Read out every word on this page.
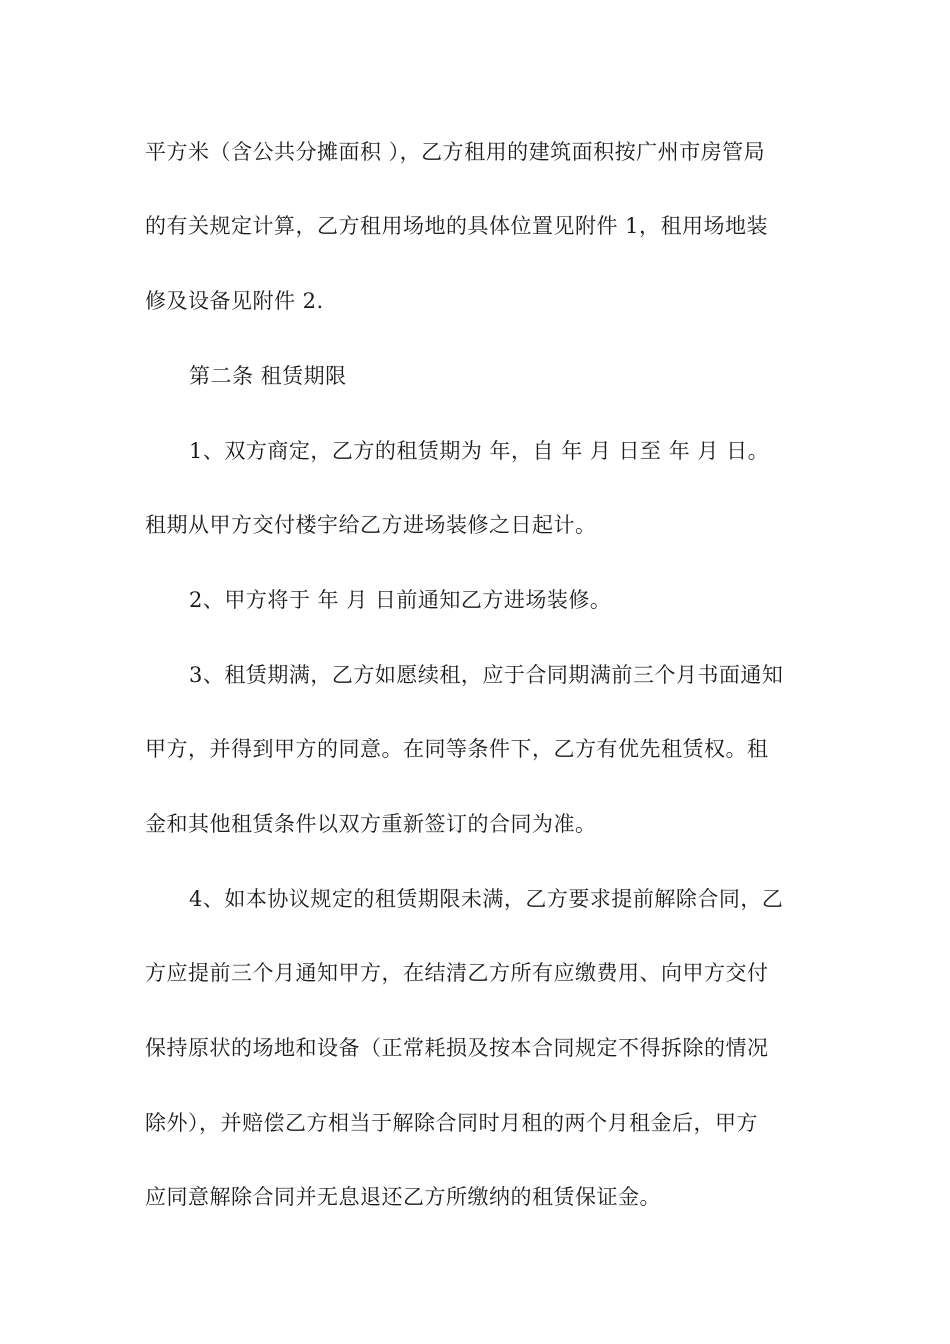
平方米（含公共分摊面积 ），乙方租用的建筑面积按广州市房管局
的有关规定计算，乙方租用场地的具体位置见附件 1，租用场地装
修及设备见附件 2.
第二条 租赁期限
1、双方商定，乙方的租赁期为 年，自 年 月 日至 年 月 日。
租期从甲方交付楼宇给乙方进场装修之日起计。
2、甲方将于 年 月 日前通知乙方进场装修。
3、租赁期满，乙方如愿续租，应于合同期满前三个月书面通知
甲方，并得到甲方的同意。在同等条件下，乙方有优先租赁权。租
金和其他租赁条件以双方重新签订的合同为准。
4、如本协议规定的租赁期限未满，乙方要求提前解除合同，乙
方应提前三个月通知甲方，在结清乙方所有应缴费用、向甲方交付
保持原状的场地和设备（正常耗损及按本合同规定不得拆除的情况
除外），并赔偿乙方相当于解除合同时月租的两个月租金后，甲方
应同意解除合同并无息退还乙方所缴纳的租赁保证金。
